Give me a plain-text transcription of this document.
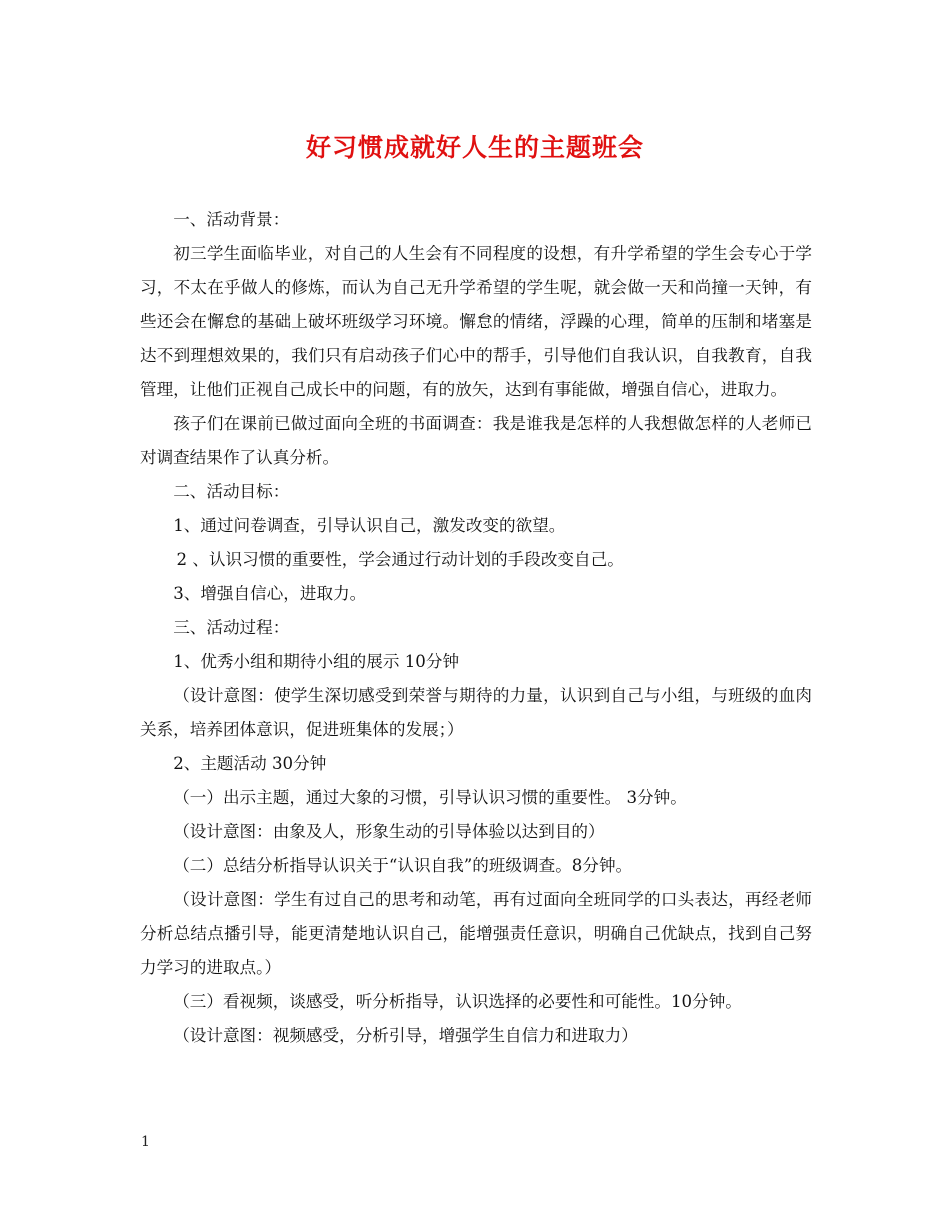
好习惯成就好人生的主题班会

一、活动背景：

初三学生面临毕业，对自己的人生会有不同程度的设想，有升学希望的学生会专心于学习，不太在乎做人的修炼，而认为自己无升学希望的学生呢，就会做一天和尚撞一天钟，有些还会在懈怠的基础上破坏班级学习环境。懈怠的情绪，浮躁的心理，简单的压制和堵塞是达不到理想效果的，我们只有启动孩子们心中的帮手，引导他们自我认识，自我教育，自我管理，让他们正视自己成长中的问题，有的放矢，达到有事能做，增强自信心，进取力。

孩子们在课前已做过面向全班的书面调查：我是谁我是怎样的人我想做怎样的人老师已对调查结果作了认真分析。

二、活动目标：

1、通过问卷调查，引导认识自己，激发改变的欲望。

2 、认识习惯的重要性，学会通过行动计划的手段改变自己。

3、增强自信心，进取力。

三、活动过程：

1、优秀小组和期待小组的展示 10分钟

（设计意图：使学生深切感受到荣誉与期待的力量，认识到自己与小组，与班级的血肉关系，培养团体意识，促进班集体的发展；）

2、主题活动 30分钟

（一）出示主题，通过大象的习惯，引导认识习惯的重要性。 3分钟。

（设计意图：由象及人，形象生动的引导体验以达到目的）

（二）总结分析指导认识关于“认识自我”的班级调查。8分钟。

（设计意图：学生有过自己的思考和动笔，再有过面向全班同学的口头表达，再经老师分析总结点播引导，能更清楚地认识自己，能增强责任意识，明确自己优缺点，找到自己努力学习的进取点。）

（三）看视频，谈感受，听分析指导，认识选择的必要性和可能性。10分钟。

（设计意图：视频感受，分析引导，增强学生自信力和进取力）

1
